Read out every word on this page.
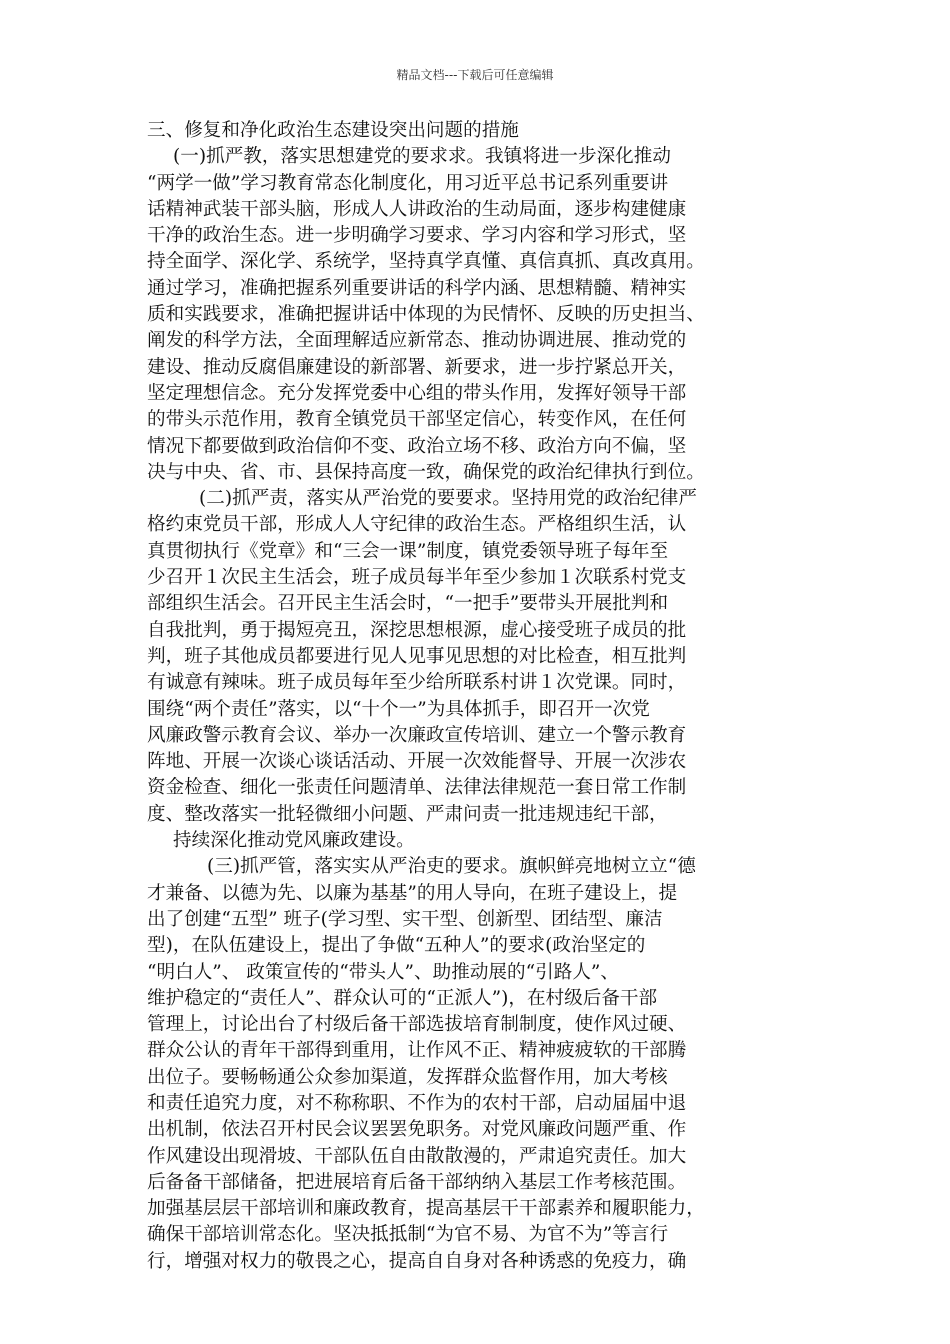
精品文档---下载后可任意编辑
三、修复和净化政治生态建设突出问题的措施
(一)抓严教，落实思想建党的要求求。我镇将进一步深化推动
“两学一做”学习教育常态化制度化，用习近平总书记系列重要讲
话精神武装干部头脑，形成人人讲政治的生动局面，逐步构建健康
干净的政治生态。进一步明确学习要求、学习内容和学习形式，坚
持全面学、深化学、系统学，坚持真学真懂、真信真抓、真改真用。
通过学习，准确把握系列重要讲话的科学内涵、思想精髓、精神实
质和实践要求，准确把握讲话中体现的为民情怀、反映的历史担当、
阐发的科学方法，全面理解适应新常态、推动协调进展、推动党的
建设、推动反腐倡廉建设的新部署、新要求，进一步拧紧总开关，
坚定理想信念。充分发挥党委中心组的带头作用，发挥好领导干部
的带头示范作用，教育全镇党员干部坚定信心，转变作风，在任何
情况下都要做到政治信仰不变、政治立场不移、政治方向不偏，坚
决与中央、省、市、县保持高度一致，确保党的政治纪律执行到位。
(二)抓严责，落实从严治党的要要求。坚持用党的政治纪律严
格约束党员干部，形成人人守纪律的政治生态。严格组织生活，认
真贯彻执行《党章》和“三会一课”制度，镇党委领导班子每年至
少召开１次民主生活会，班子成员每半年至少参加１次联系村党支
部组织生活会。召开民主生活会时，“一把手”要带头开展批判和
自我批判，勇于揭短亮丑，深挖思想根源，虚心接受班子成员的批
判，班子其他成员都要进行见人见事见思想的对比检查，相互批判
有诚意有辣味。班子成员每年至少给所联系村讲１次党课。同时，
围绕“两个责任”落实，以“十个一”为具体抓手，即召开一次党
风廉政警示教育会议、举办一次廉政宣传培训、建立一个警示教育
阵地、开展一次谈心谈话活动、开展一次效能督导、开展一次涉农
资金检查、细化一张责任问题清单、法律法律规范一套日常工作制
度、整改落实一批轻微细小问题、严肃问责一批违规违纪干部，
持续深化推动党风廉政建设。
(三)抓严管，落实实从严治吏的要求。旗帜鲜亮地树立立“德
才兼备、以德为先、以廉为基基”的用人导向，在班子建设上，提
出了创建“五型” 班子(学习型、实干型、创新型、团结型、廉洁
型)，在队伍建设上，提出了争做“五种人”的要求(政治坚定的
“明白人”、 政策宣传的“带头人”、助推动展的“引路人”、
维护稳定的“责任人”、群众认可的“正派人”)，在村级后备干部
管理上，讨论出台了村级后备干部选拔培育制制度，使作风过硬、
群众公认的青年干部得到重用，让作风不正、精神疲疲软的干部腾
出位子。要畅畅通公众参加渠道，发挥群众监督作用，加大考核
和责任追究力度，对不称称职、不作为的农村干部，启动届届中退
出机制，依法召开村民会议罢罢免职务。对党风廉政问题严重、作
作风建设出现滑坡、干部队伍自由散散漫的，严肃追究责任。加大
后备备干部储备，把进展培育后备干部纳纳入基层工作考核范围。
加强基层层干部培训和廉政教育，提高基层干干部素养和履职能力，
确保干部培训常态化。坚决抵抵制“为官不易、为官不为”等言行
行，增强对权力的敬畏之心，提高自自身对各种诱惑的免疫力，确
